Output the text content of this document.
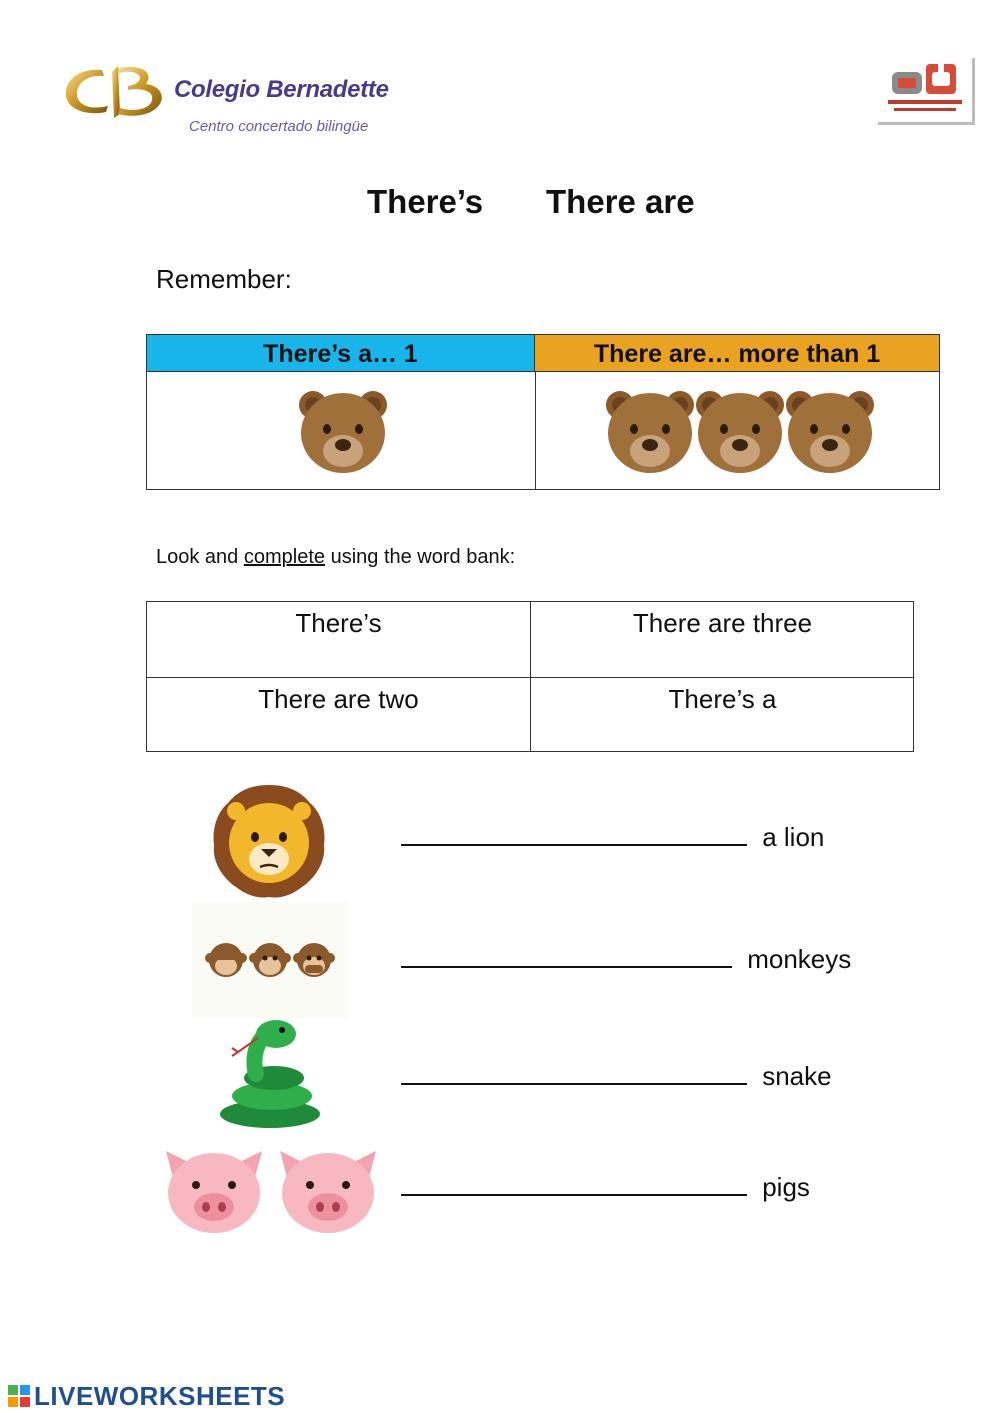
Colegio Bernadette
Centro concertado bilingüe
There’s There are
Remember:
There’s a… 1	There are… more than 1
Look and complete using the word bank:
There’s	There are three
There are two	There’s a
a lion
monkeys
snake
pigs
LIVEWORKSHEETS
